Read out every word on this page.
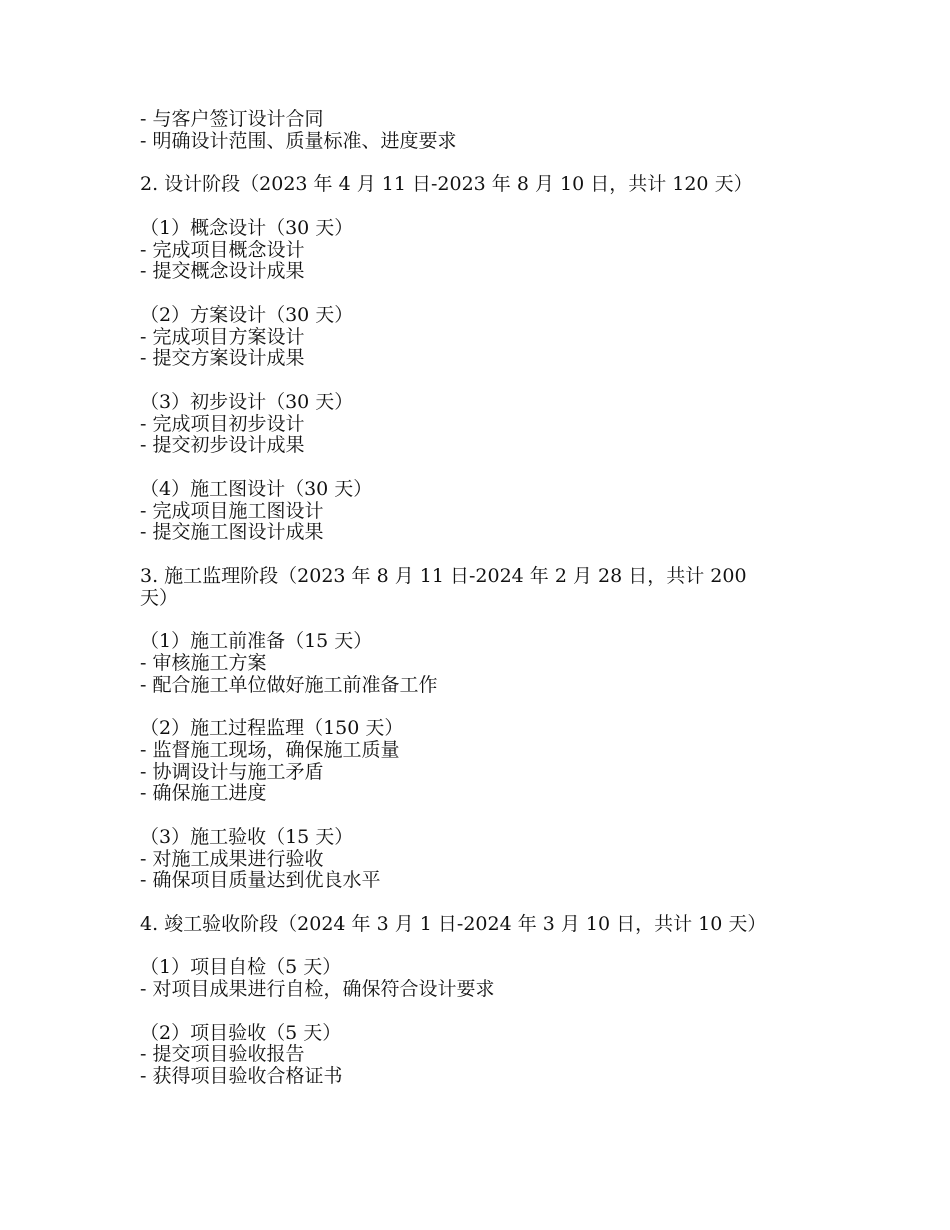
- 与客户签订设计合同
- 明确设计范围、质量标准、进度要求
2. 设计阶段（2023 年 4 月 11 日-2023 年 8 月 10 日，共计 120 天）
（1）概念设计（30 天）
- 完成项目概念设计
- 提交概念设计成果
（2）方案设计（30 天）
- 完成项目方案设计
- 提交方案设计成果
（3）初步设计（30 天）
- 完成项目初步设计
- 提交初步设计成果
（4）施工图设计（30 天）
- 完成项目施工图设计
- 提交施工图设计成果
3. 施工监理阶段（2023 年 8 月 11 日-2024 年 2 月 28 日，共计 200
天）
（1）施工前准备（15 天）
- 审核施工方案
- 配合施工单位做好施工前准备工作
（2）施工过程监理（150 天）
- 监督施工现场，确保施工质量
- 协调设计与施工矛盾
- 确保施工进度
（3）施工验收（15 天）
- 对施工成果进行验收
- 确保项目质量达到优良水平
4. 竣工验收阶段（2024 年 3 月 1 日-2024 年 3 月 10 日，共计 10 天）
（1）项目自检（5 天）
- 对项目成果进行自检，确保符合设计要求
（2）项目验收（5 天）
- 提交项目验收报告
- 获得项目验收合格证书
